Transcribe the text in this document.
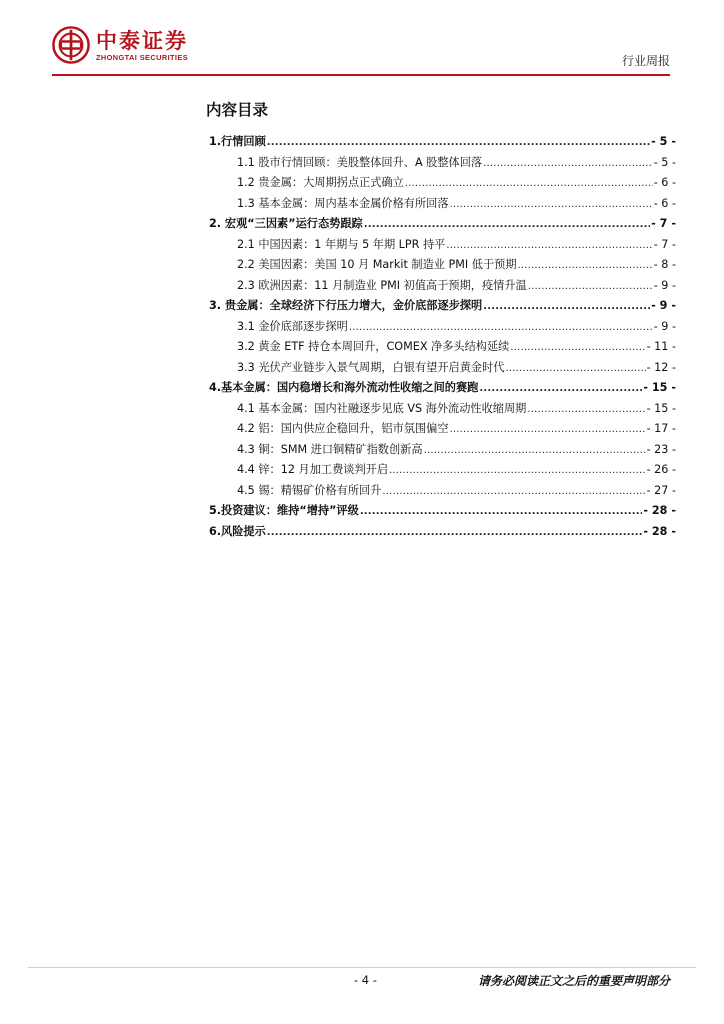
中泰证券
ZHONGTAI SECURITIES	行业周报
内容目录
1.行情回顾 .....	- 5 -
1.1 股市行情回顾：美股整体回升、A 股整体回落 .....	- 5 -
1.2 贵金属：大周期拐点正式确立 .....	- 6 -
1.3 基本金属：周内基本金属价格有所回落 .....	- 6 -
2. 宏观“三因素”运行态势跟踪 .....	- 7 -
2.1 中国因素：1 年期与 5 年期 LPR 持平 .....	- 7 -
2.2 美国因素：美国 10 月 Markit 制造业 PMI 低于预期 .....	- 8 -
2.3 欧洲因素：11 月制造业 PMI 初值高于预期，疫情升温 .....	- 9 -
3. 贵金属：全球经济下行压力增大，金价底部逐步探明 .....	- 9 -
3.1 金价底部逐步探明 .....	- 9 -
3.2 黄金 ETF 持仓本周回升，COMEX 净多头结构延续 .....	- 11 -
3.3 光伏产业链步入景气周期，白银有望开启黄金时代 .....	- 12 -
4.基本金属：国内稳增长和海外流动性收缩之间的赛跑 .....	- 15 -
4.1 基本金属：国内社融逐步见底 VS 海外流动性收缩周期 .....	- 15 -
4.2 铝：国内供应企稳回升，铝市氛围偏空 .....	- 17 -
4.3 铜：SMM 进口铜精矿指数创新高 .....	- 23 -
4.4 锌：12 月加工费谈判开启 .....	- 26 -
4.5 锡：精锡矿价格有所回升 .....	- 27 -
5.投资建议：维持“增持”评级 .....	- 28 -
6.风险提示 .....	- 28 -
- 4 -	请务必阅读正文之后的重要声明部分
